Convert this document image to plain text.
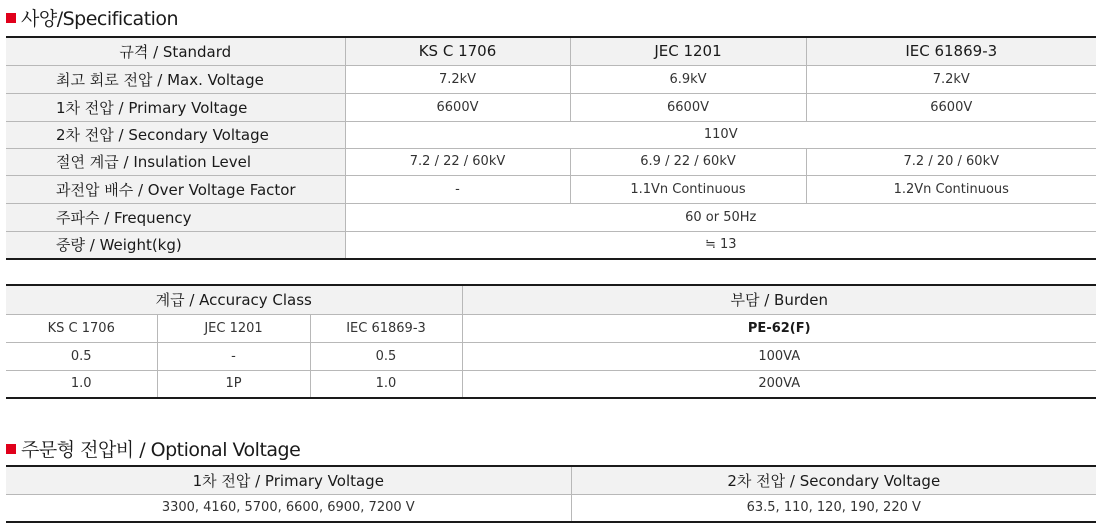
사양/Specification
규격 / Standard	KS C 1706	JEC 1201	IEC 61869-3
최고 회로 전압 / Max. Voltage	7.2kV	6.9kV	7.2kV
1차 전압 / Primary Voltage	6600V	6600V	6600V
2차 전압 / Secondary Voltage	110V		
절연 계급 / Insulation Level	7.2 / 22 / 60kV	6.9 / 22 / 60kV	7.2 / 20 / 60kV
과전압 배수 / Over Voltage Factor	-	1.1Vn Continuous	1.2Vn Continuous
주파수 / Frequency	60 or 50Hz		
중량 / Weight(kg)	≒ 13		
계급 / Accuracy Class			부담 / Burden
KS C 1706	JEC 1201	IEC 61869-3	PE-62(F)
0.5	-	0.5	100VA
1.0	1P	1.0	200VA
주문형 전압비 / Optional Voltage
1차 전압 / Primary Voltage	2차 전압 / Secondary Voltage
3300, 4160, 5700, 6600, 6900, 7200 V	63.5, 110, 120, 190, 220 V
